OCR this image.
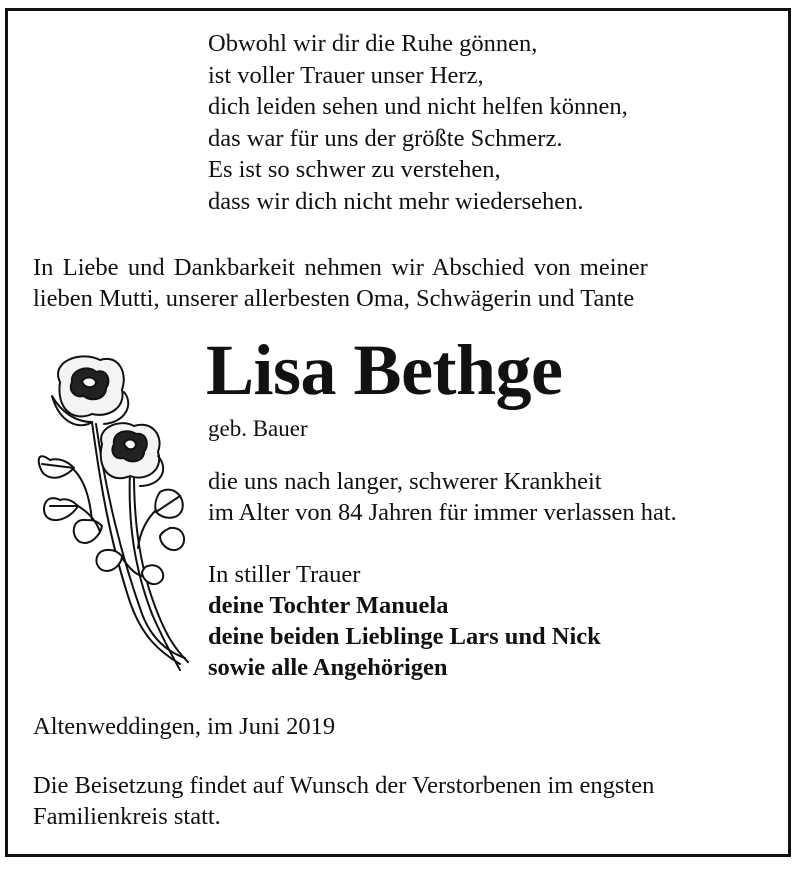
Obwohl wir dir die Ruhe gönnen,
ist voller Trauer unser Herz,
dich leiden sehen und nicht helfen können,
das war für uns der größte Schmerz.
Es ist so schwer zu verstehen,
dass wir dich nicht mehr wiedersehen.
In Liebe und Dankbarkeit nehmen wir Abschied von meiner
lieben Mutti, unserer allerbesten Oma, Schwägerin und Tante
Lisa Bethge
geb. Bauer
die uns nach langer, schwerer Krankheit
im Alter von 84 Jahren für immer verlassen hat.
In stiller Trauer
deine Tochter Manuela
deine beiden Lieblinge Lars und Nick
sowie alle Angehörigen
Altenweddingen, im Juni 2019
Die Beisetzung findet auf Wunsch der Verstorbenen im engsten
Familienkreis statt.
